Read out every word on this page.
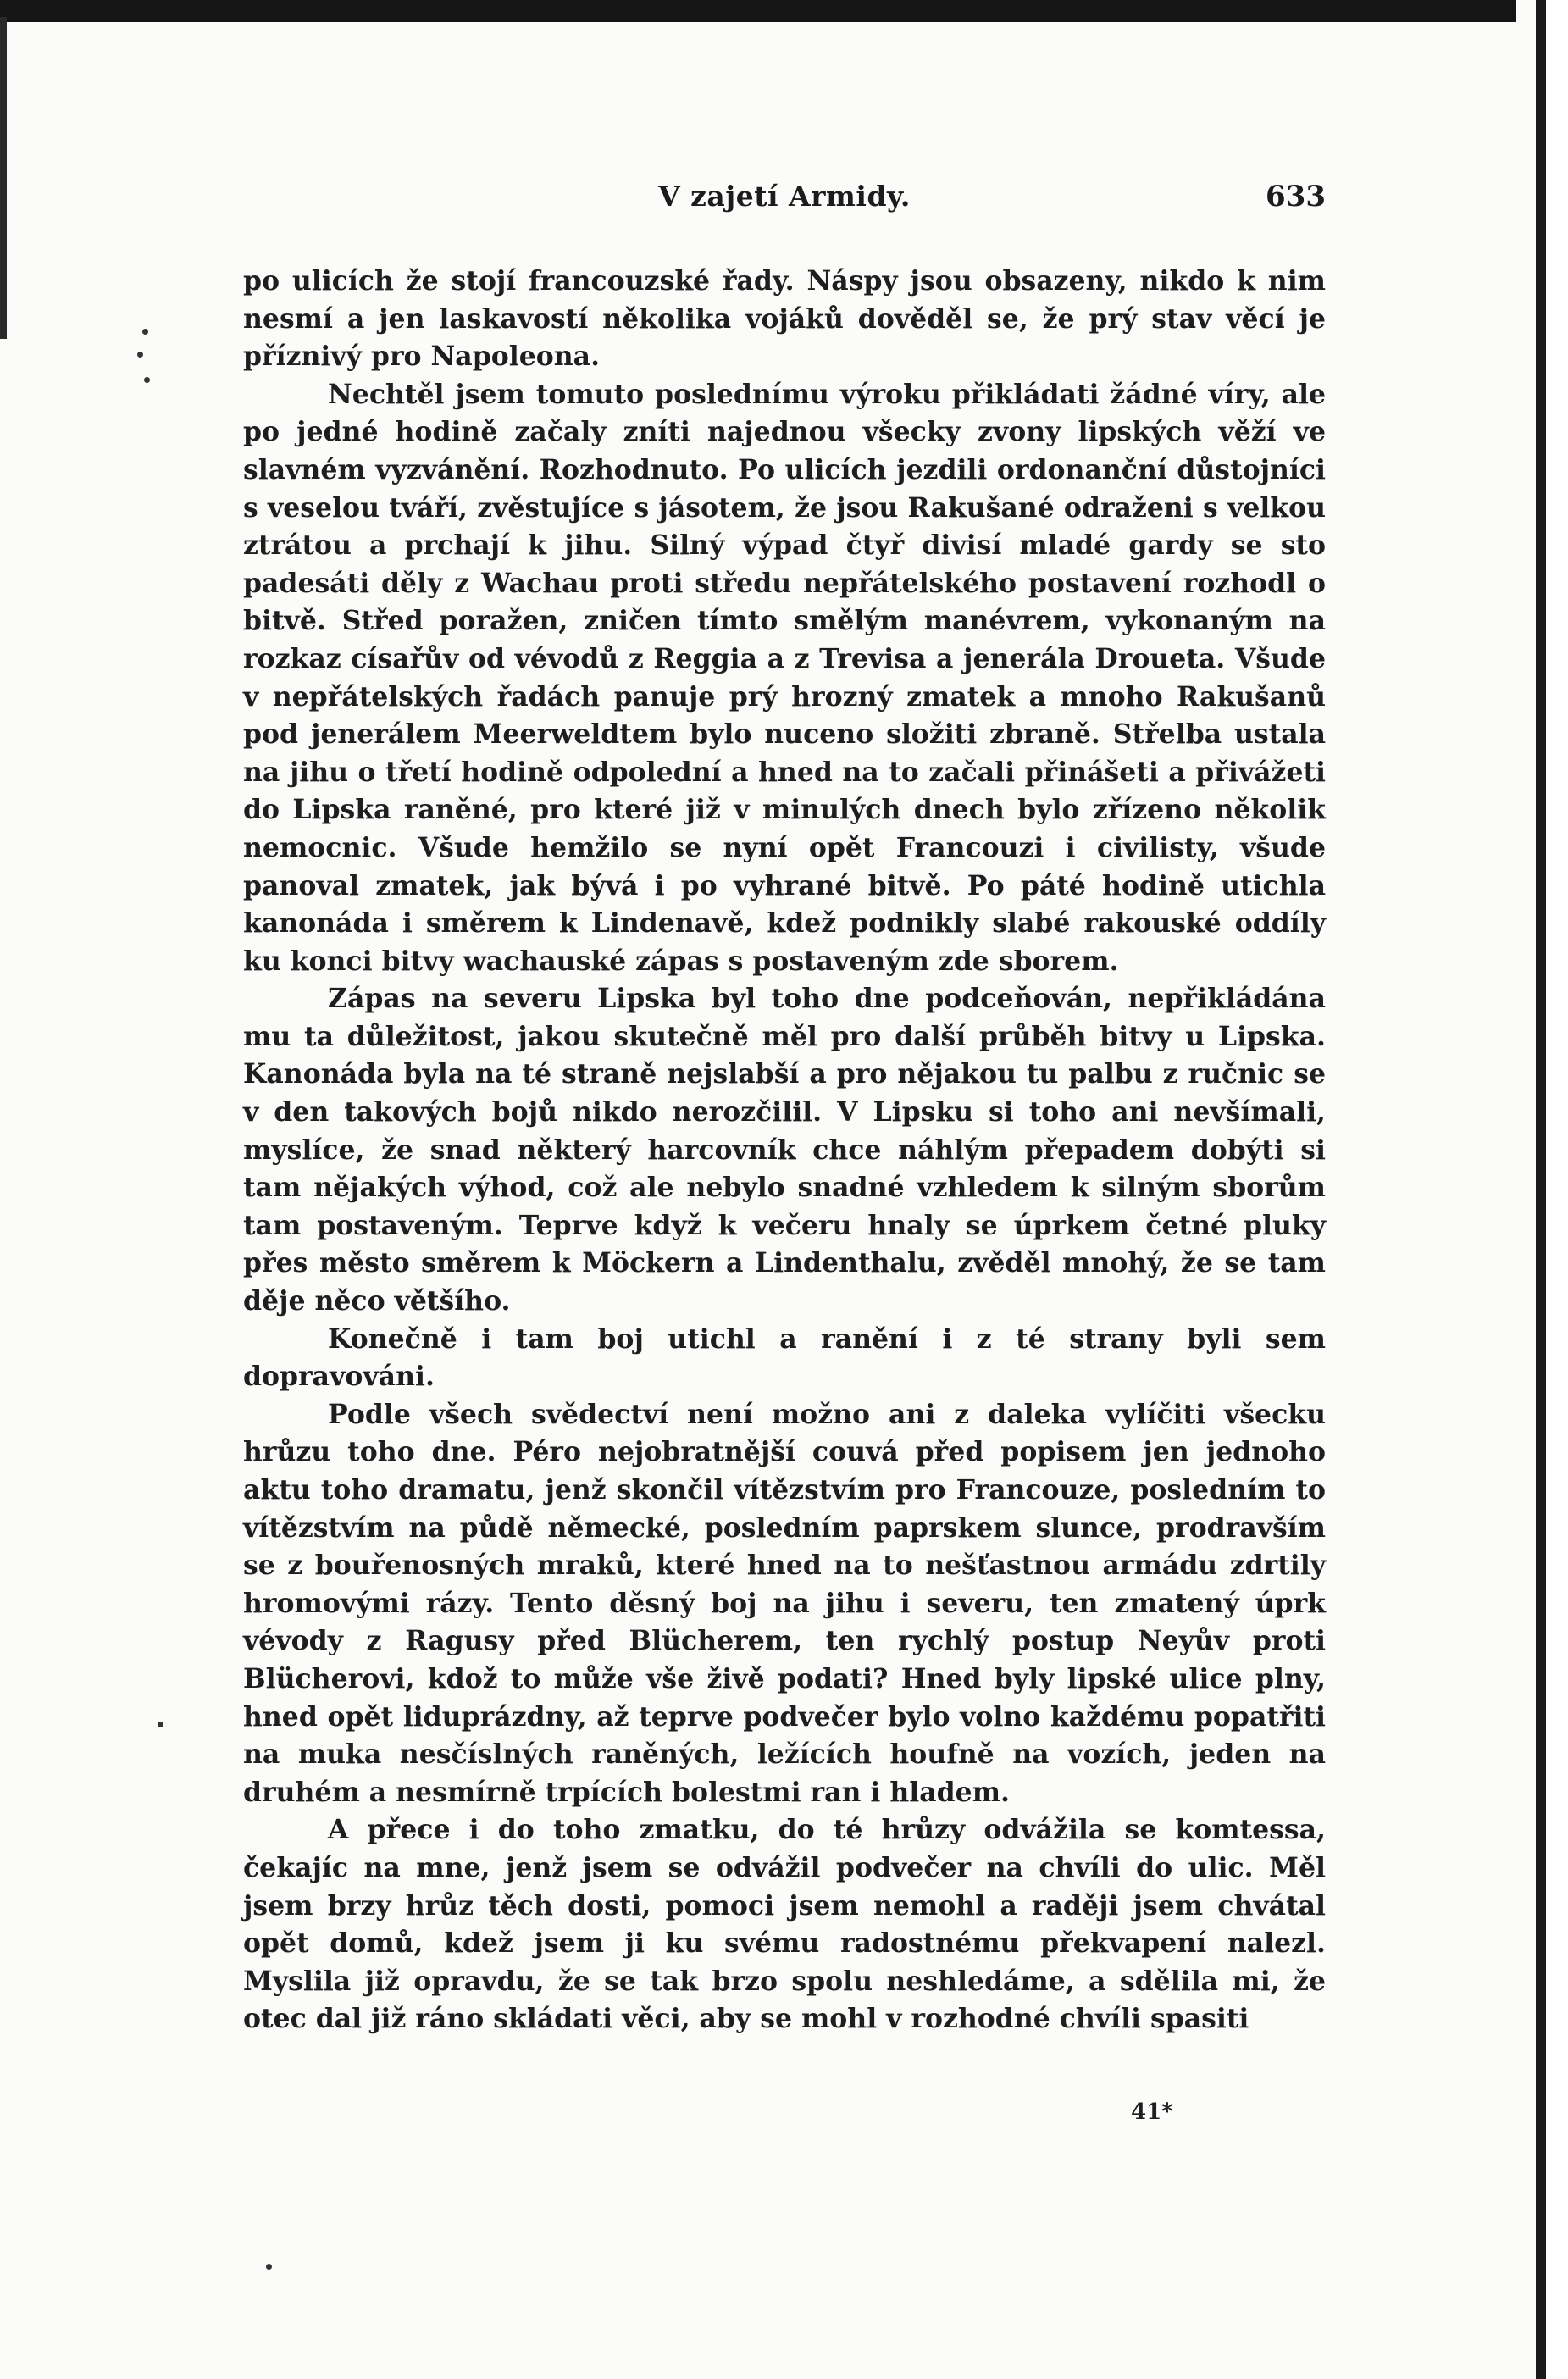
V zajetí Armidy.	633

po ulicích že stojí francouzské řady. Náspy jsou obsazeny, nikdo k nim nesmí a jen laskavostí několika vojáků dověděl se, že prý stav věcí je příznivý pro Napoleona.

Nechtěl jsem tomuto poslednímu výroku přikládati žádné víry, ale po jedné hodině začaly zníti najednou všecky zvony lipských věží ve slavném vyzvánění. Rozhodnuto. Po ulicích jezdili ordonanční důstojníci s veselou tváří, zvěstujíce s jásotem, že jsou Rakušané odraženi s velkou ztrátou a prchají k jihu. Silný výpad čtyř divisí mladé gardy se sto padesáti děly z Wachau proti středu nepřátelského postavení rozhodl o bitvě. Střed poražen, zničen tímto smělým manévrem, vykonaným na rozkaz císařův od vévodů z Reggia a z Trevisa a jenerála Droueta. Všude v nepřátelských řadách panuje prý hrozný zmatek a mnoho Rakušanů pod jenerálem Meerweldtem bylo nuceno složiti zbraně. Střelba ustala na jihu o třetí hodině odpolední a hned na to začali přinášeti a přivážeti do Lipska raněné, pro které již v minulých dnech bylo zřízeno několik nemocnic. Všude hemžilo se nyní opět Francouzi i civilisty, všude panoval zmatek, jak bývá i po vyhrané bitvě. Po páté hodině utichla kanonáda i směrem k Lindenavě, kdež podnikly slabé rakouské oddíly ku konci bitvy wachauské zápas s postaveným zde sborem.

Zápas na severu Lipska byl toho dne podceňován, nepřikládána mu ta důležitost, jakou skutečně měl pro další průběh bitvy u Lipska. Kanonáda byla na té straně nejslabší a pro nějakou tu palbu z ručnic se v den takových bojů nikdo nerozčilil. V Lipsku si toho ani nevšímali, myslíce, že snad některý harcovník chce náhlým přepadem dobýti si tam nějakých výhod, což ale nebylo snadné vzhledem k silným sborům tam postaveným. Teprve když k večeru hnaly se úprkem četné pluky přes město směrem k Möckern a Lindenthalu, zvěděl mnohý, že se tam děje něco většího.

Konečně i tam boj utichl a ranění i z té strany byli sem dopravováni.

Podle všech svědectví není možno ani z daleka vylíčiti všecku hrůzu toho dne. Péro nejobratnější couvá před popisem jen jednoho aktu toho dramatu, jenž skončil vítězstvím pro Francouze, posledním to vítězstvím na půdě německé, posledním paprskem slunce, prodravším se z bouřenosných mraků, které hned na to nešťastnou armádu zdrtily hromovými rázy. Tento děsný boj na jihu i severu, ten zmatený úprk vévody z Ragusy před Blücherem, ten rychlý postup Neyův proti Blücherovi, kdož to může vše živě podati? Hned byly lipské ulice plny, hned opět liduprázdny, až teprve podvečer bylo volno každému popatřiti na muka nesčíslných raněných, ležících houfně na vozích, jeden na druhém a nesmírně trpících bolestmi ran i hladem.

A přece i do toho zmatku, do té hrůzy odvážila se komtessa, čekajíc na mne, jenž jsem se odvážil podvečer na chvíli do ulic. Měl jsem brzy hrůz těch dosti, pomoci jsem nemohl a raději jsem chvátal opět domů, kdež jsem ji ku svému radostnému překvapení nalezl. Myslila již opravdu, že se tak brzo spolu neshledáme, a sdělila mi, že otec dal již ráno skládati věci, aby se mohl v rozhodné chvíli spasiti

41*
